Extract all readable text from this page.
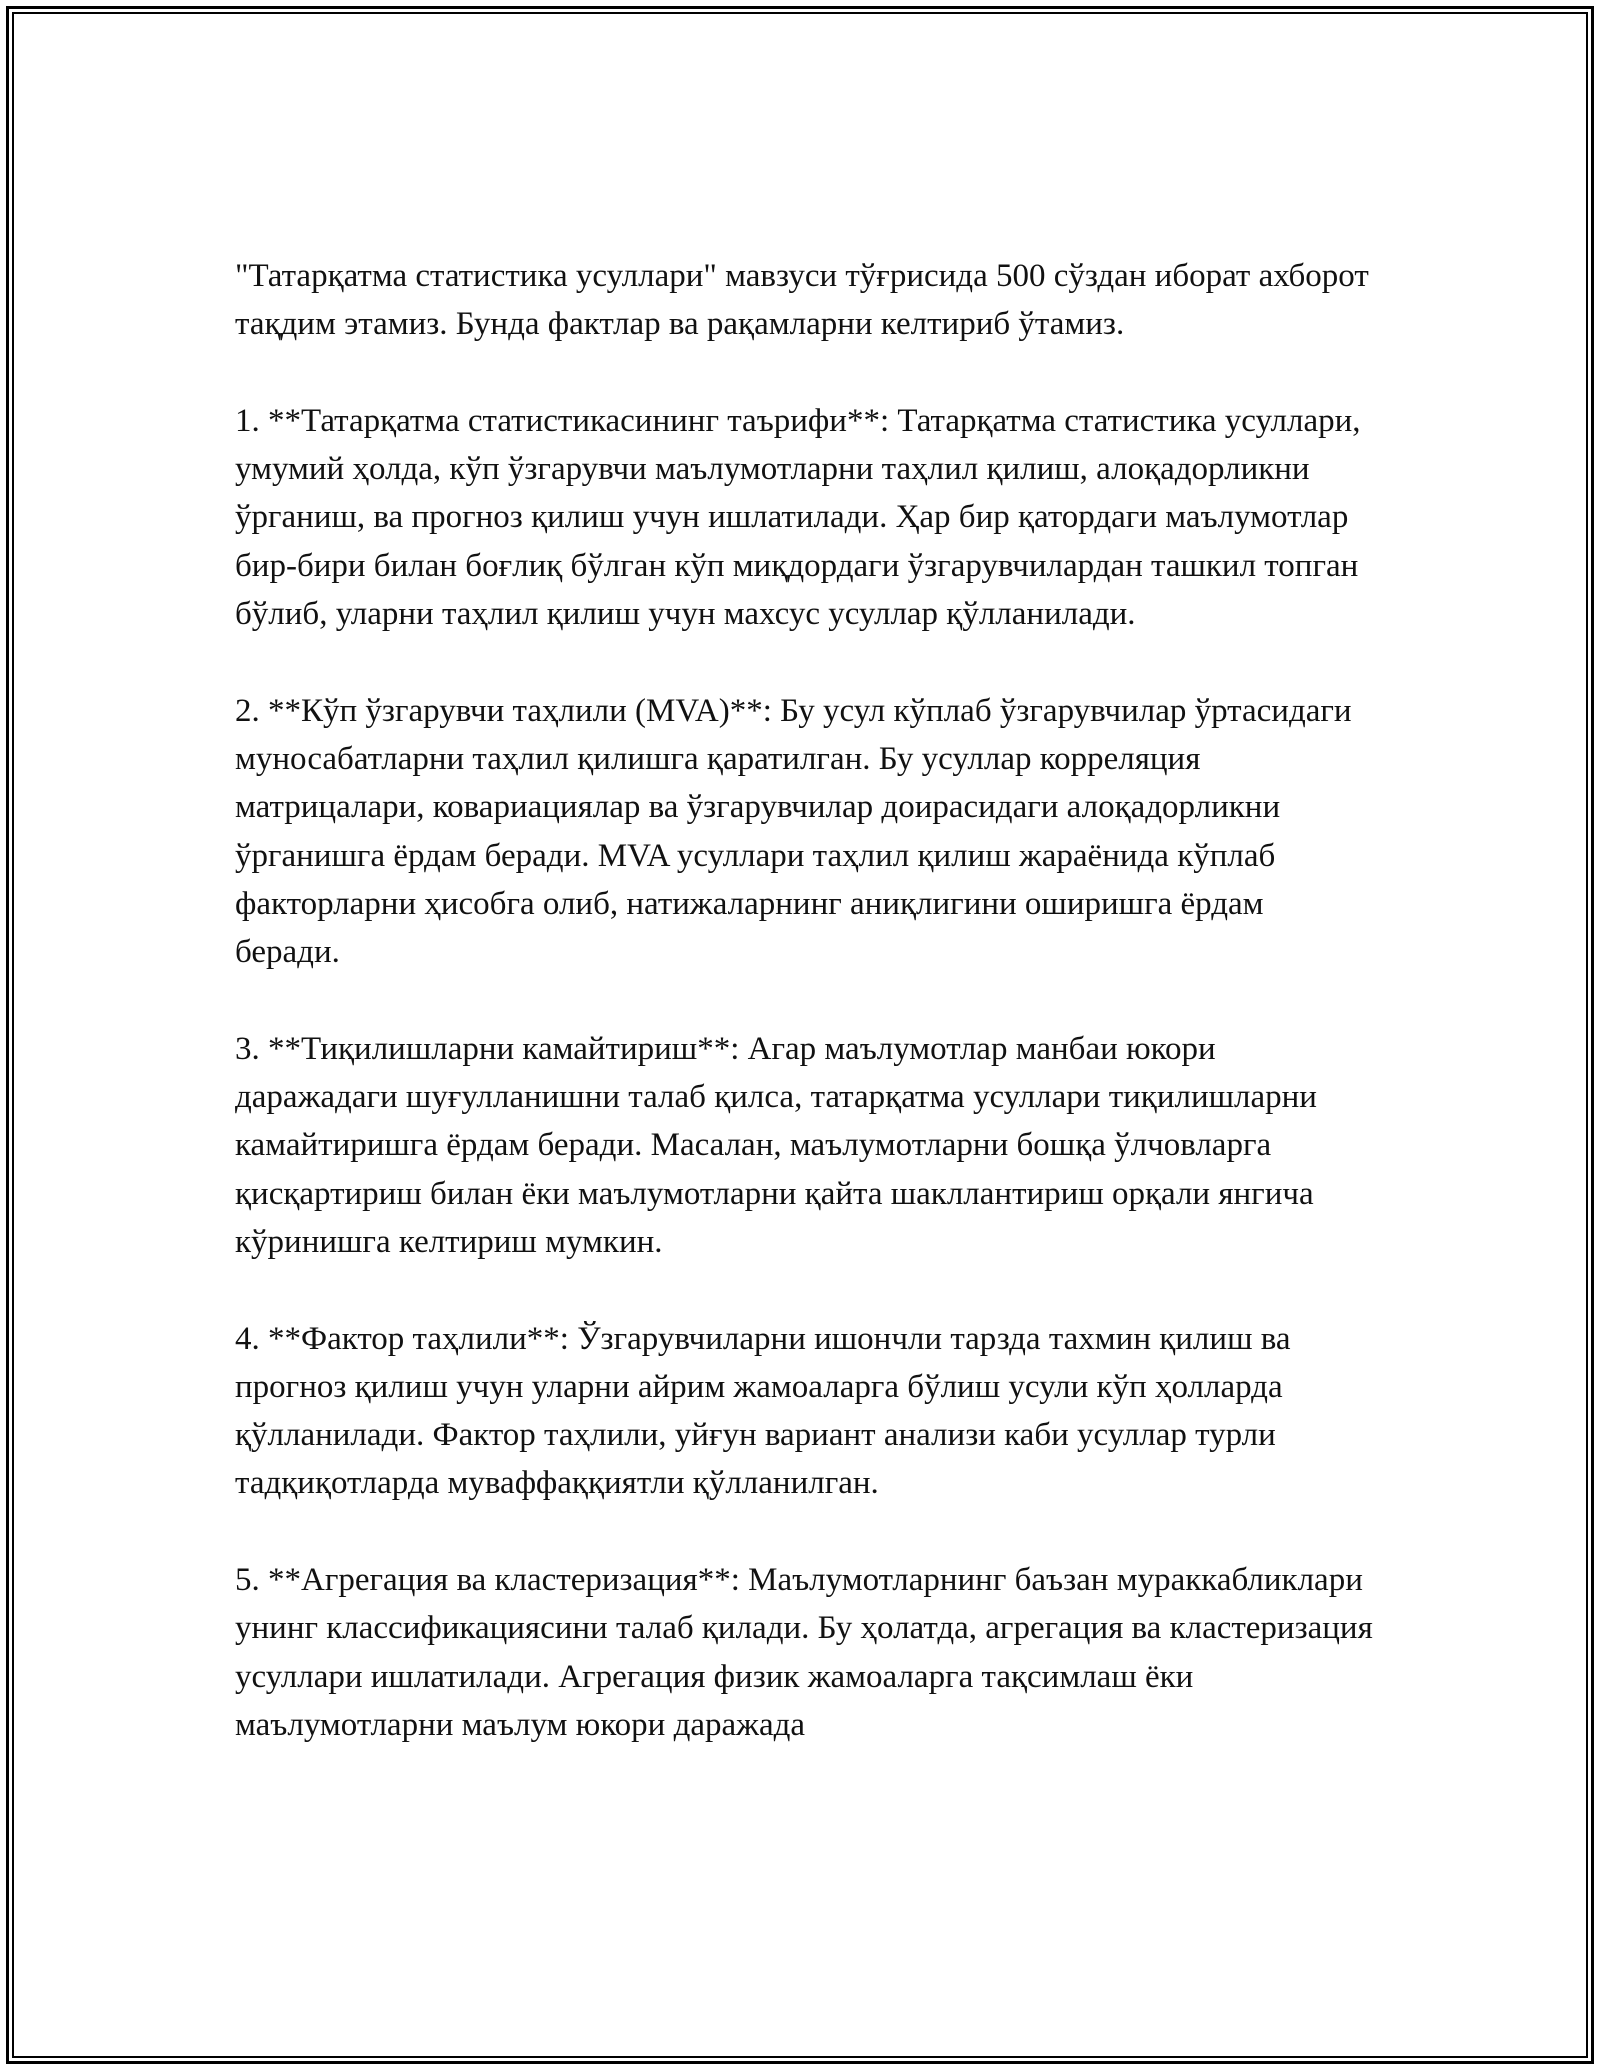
"Татарқатма статистика усуллари" мавзуси тўғрисида 500 сўздан иборат ахборот тақдим этамиз. Бунда фактлар ва рақамларни келтириб ўтамиз.

1. **Татарқатма статистикасининг таърифи**: Татарқатма статистика усуллари, умумий ҳолда, кўп ўзгарувчи маълумотларни таҳлил қилиш, алоқадорликни ўрганиш, ва прогноз қилиш учун ишлатилади. Ҳар бир қатордаги маълумотлар бир-бири билан боғлиқ бўлган кўп миқдордаги ўзгарувчилардан ташкил топган бўлиб, уларни таҳлил қилиш учун махсус усуллар қўлланилади.

2. **Кўп ўзгарувчи таҳлили (MVA)**: Бу усул кўплаб ўзгарувчилар ўртасидаги муносабатларни таҳлил қилишга қаратилган. Бу усуллар корреляция матрицалари, ковариациялар ва ўзгарувчилар доирасидаги алоқадорликни ўрганишга ёрдам беради. MVA усуллари таҳлил қилиш жараёнида кўплаб факторларни ҳисобга олиб, натижаларнинг аниқлигини оширишга ёрдам беради.

3. **Тиқилишларни камайтириш**: Агар маълумотлар манбаи юкори даражадаги шуғулланишни талаб қилса, татарқатма усуллари тиқилишларни камайтиришга ёрдам беради. Масалан, маълумотларни бошқа ўлчовларга қисқартириш билан ёки маълумотларни қайта шакллантириш орқали янгича  кўринишга келтириш мумкин.

4. **Фактор таҳлили**: Ўзгарувчиларни ишончли тарзда тахмин қилиш ва прогноз қилиш учун уларни айрим жамоаларга бўлиш усули кўп ҳолларда қўлланилади. Фактор таҳлили, уйғун вариант анализи каби усуллар турли тадқиқотларда муваффаққиятли қўлланилган.

5. **Агрегация ва кластеризация**: Маълумотларнинг баъзан мураккабликлари унинг классификациясини талаб қилади. Бу ҳолатда, агрегация ва кластеризация усуллари ишлатилади. Агрегация физик жамоаларга тақсимлаш ёки маълумотларни маълум юкори даражада
